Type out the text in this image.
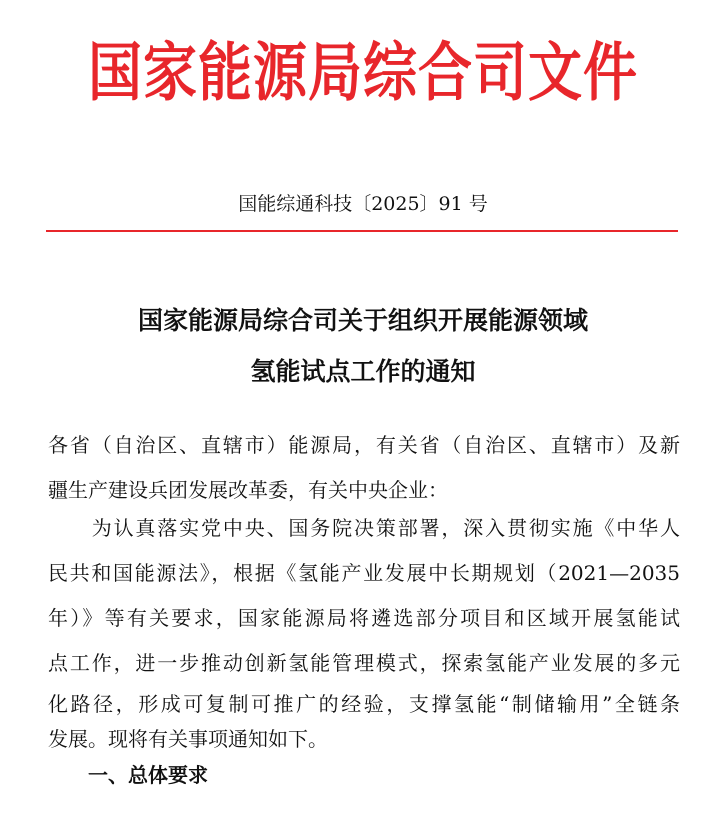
国家能源局综合司文件
国能综通科技〔2025〕91 号
国家能源局综合司关于组织开展能源领域
氢能试点工作的通知
各省（自治区、直辖市）能源局，有关省（自治区、直辖市）及新
疆生产建设兵团发展改革委，有关中央企业：
　　为认真落实党中央、国务院决策部署，深入贯彻实施《中华人
民共和国能源法》，根据《氢能产业发展中长期规划（2021—2035
年）》等有关要求，国家能源局将遴选部分项目和区域开展氢能试
点工作，进一步推动创新氢能管理模式，探索氢能产业发展的多元
化路径，形成可复制可推广的经验，支撑氢能“制储输用”全链条
发展。现将有关事项通知如下。
一、总体要求
